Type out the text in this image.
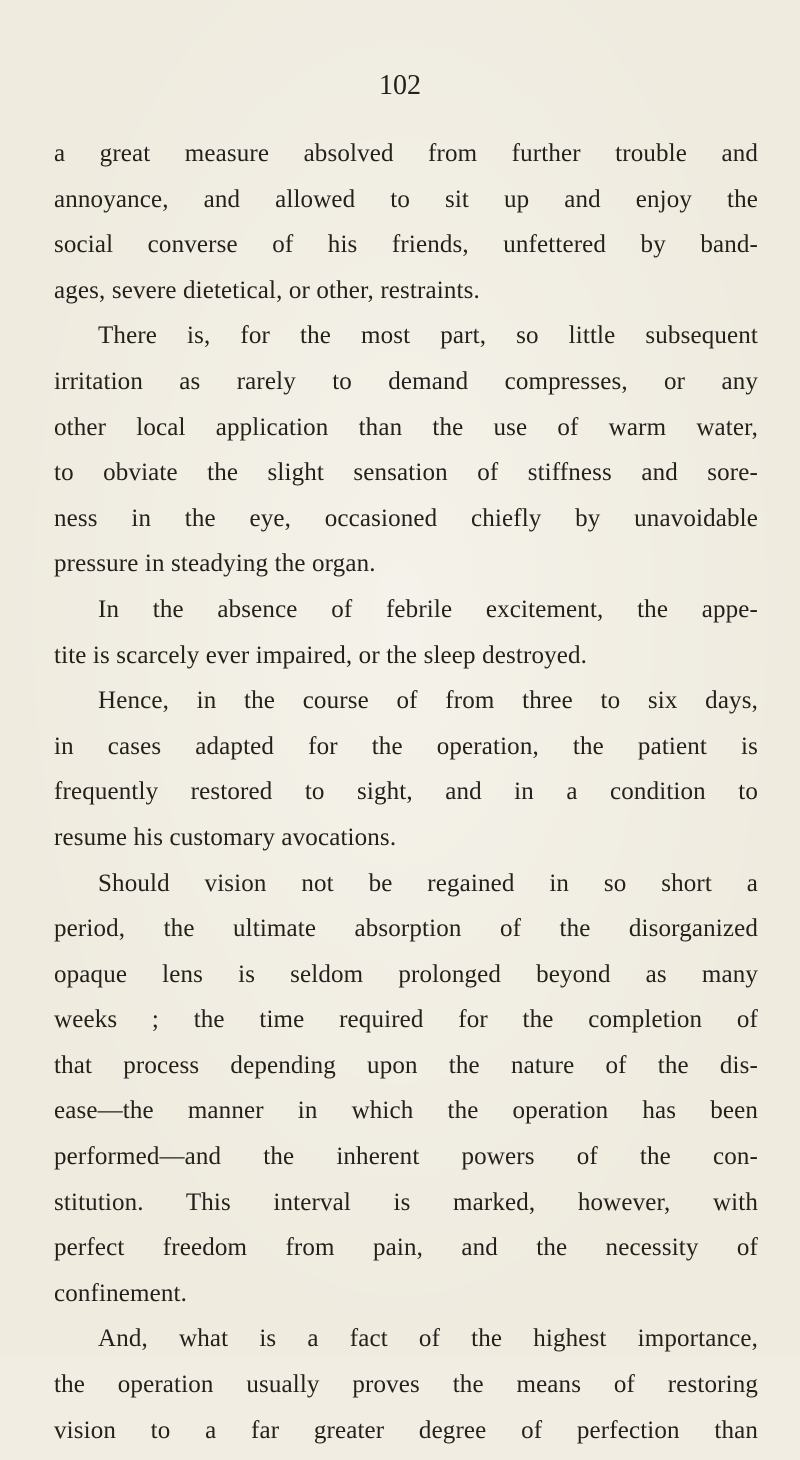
102
a great measure absolved from further trouble and
annoyance, and allowed to sit up and enjoy the
social converse of his friends, unfettered by band-
ages, severe dietetical, or other, restraints.
There is, for the most part, so little subsequent
irritation as rarely to demand compresses, or any
other local application than the use of warm water,
to obviate the slight sensation of stiffness and sore-
ness in the eye, occasioned chiefly by unavoidable
pressure in steadying the organ.
In the absence of febrile excitement, the appe-
tite is scarcely ever impaired, or the sleep destroyed.
Hence, in the course of from three to six days,
in cases adapted for the operation, the patient is
frequently restored to sight, and in a condition to
resume his customary avocations.
Should vision not be regained in so short a
period, the ultimate absorption of the disorganized
opaque lens is seldom prolonged beyond as many
weeks ; the time required for the completion of
that process depending upon the nature of the dis-
ease—the manner in which the operation has been
performed—and the inherent powers of the con-
stitution. This interval is marked, however, with
perfect freedom from pain, and the necessity of
confinement.
And, what is a fact of the highest importance,
the operation usually proves the means of restoring
vision to a far greater degree of perfection than
